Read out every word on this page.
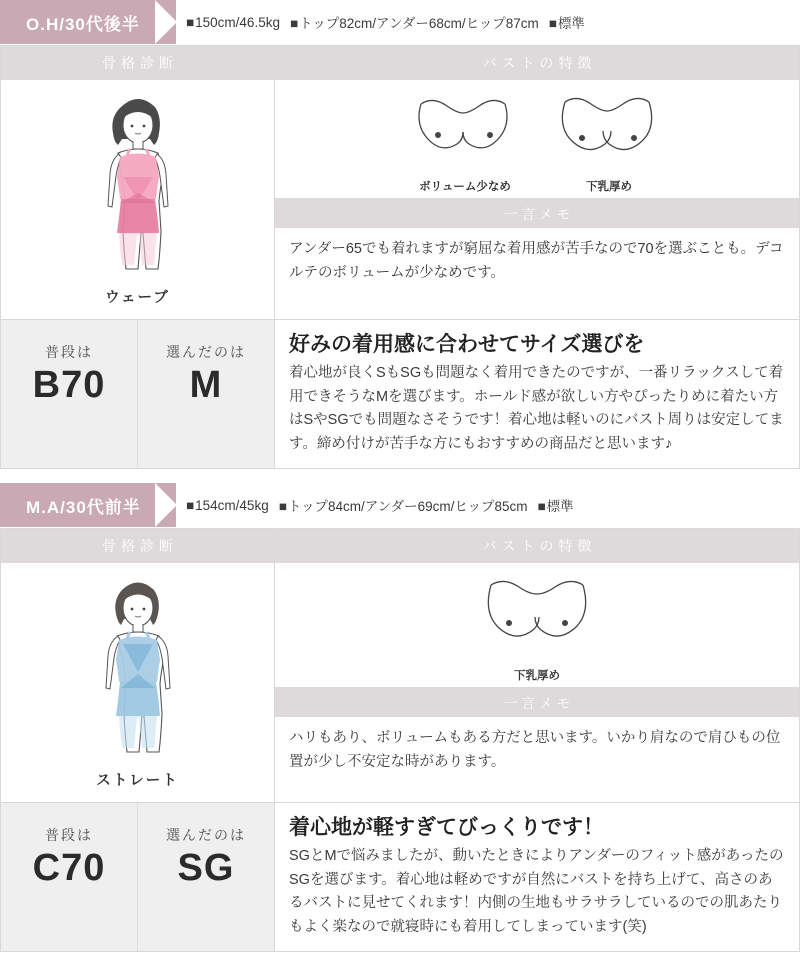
O.H/30代後半	■150cm/46.5kg ■トップ82cm/アンダー68cm/ヒップ87cm ■標準
骨格診断	バストの特徴
ウェーブ
ボリューム少なめ	下乳厚め
一言メモ
アンダー65でも着れますが窮屈な着用感が苦手なので70を選ぶことも。デコルテのボリュームが少なめです。
普段は
B70
選んだのは
M
好みの着用感に合わせてサイズ選びを
着心地が良くSもSGも問題なく着用できたのですが、一番リラックスして着用できそうなMを選びます。ホールド感が欲しい方やぴったりめに着たい方はSやSGでも問題なさそうです！着心地は軽いのにバスト周りは安定してます。締め付けが苦手な方にもおすすめの商品だと思います♪
M.A/30代前半	■154cm/45kg ■トップ84cm/アンダー69cm/ヒップ85cm ■標準
骨格診断	バストの特徴
ストレート
下乳厚め
一言メモ
ハリもあり、ボリュームもある方だと思います。いかり肩なので肩ひもの位置が少し不安定な時があります。
普段は
C70
選んだのは
SG
着心地が軽すぎてびっくりです！
SGとMで悩みましたが、動いたときによりアンダーのフィット感があったのSGを選びます。着心地は軽めですが自然にバストを持ち上げて、高さのあるバストに見せてくれます！内側の生地もサラサラしているのでの肌あたりもよく楽なので就寝時にも着用してしまっています(笑)
